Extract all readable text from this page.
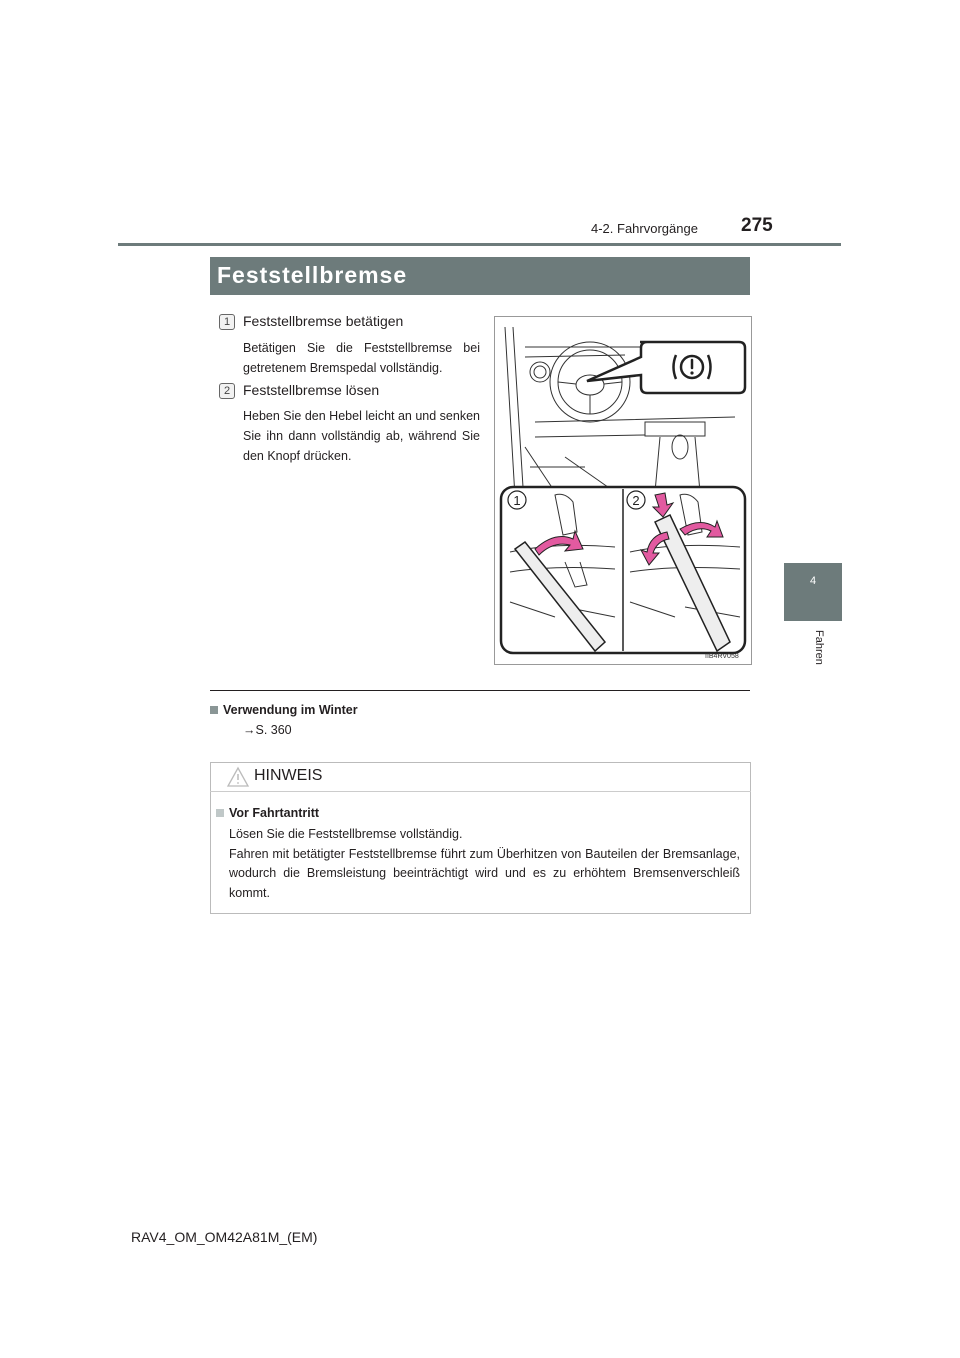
4-2. Fahrvorgänge 275
4
Fahren
Feststellbremse
1 Feststellbremse betätigen
Betätigen Sie die Feststellbremse bei getretenem Bremspedal vollständig.
2 Feststellbremse lösen
Heben Sie den Hebel leicht an und senken Sie ihn dann vollständig ab, während Sie den Knopf drücken.
1	2
IIB4RV058
Verwendung im Winter
→S. 360
HINWEIS
Vor Fahrtantritt
Lösen Sie die Feststellbremse vollständig.
Fahren mit betätigter Feststellbremse führt zum Überhitzen von Bauteilen der Bremsanlage, wodurch die Bremsleistung beeinträchtigt wird und es zu erhöhtem Bremsenverschleiß kommt.
RAV4_OM_OM42A81M_(EM)
